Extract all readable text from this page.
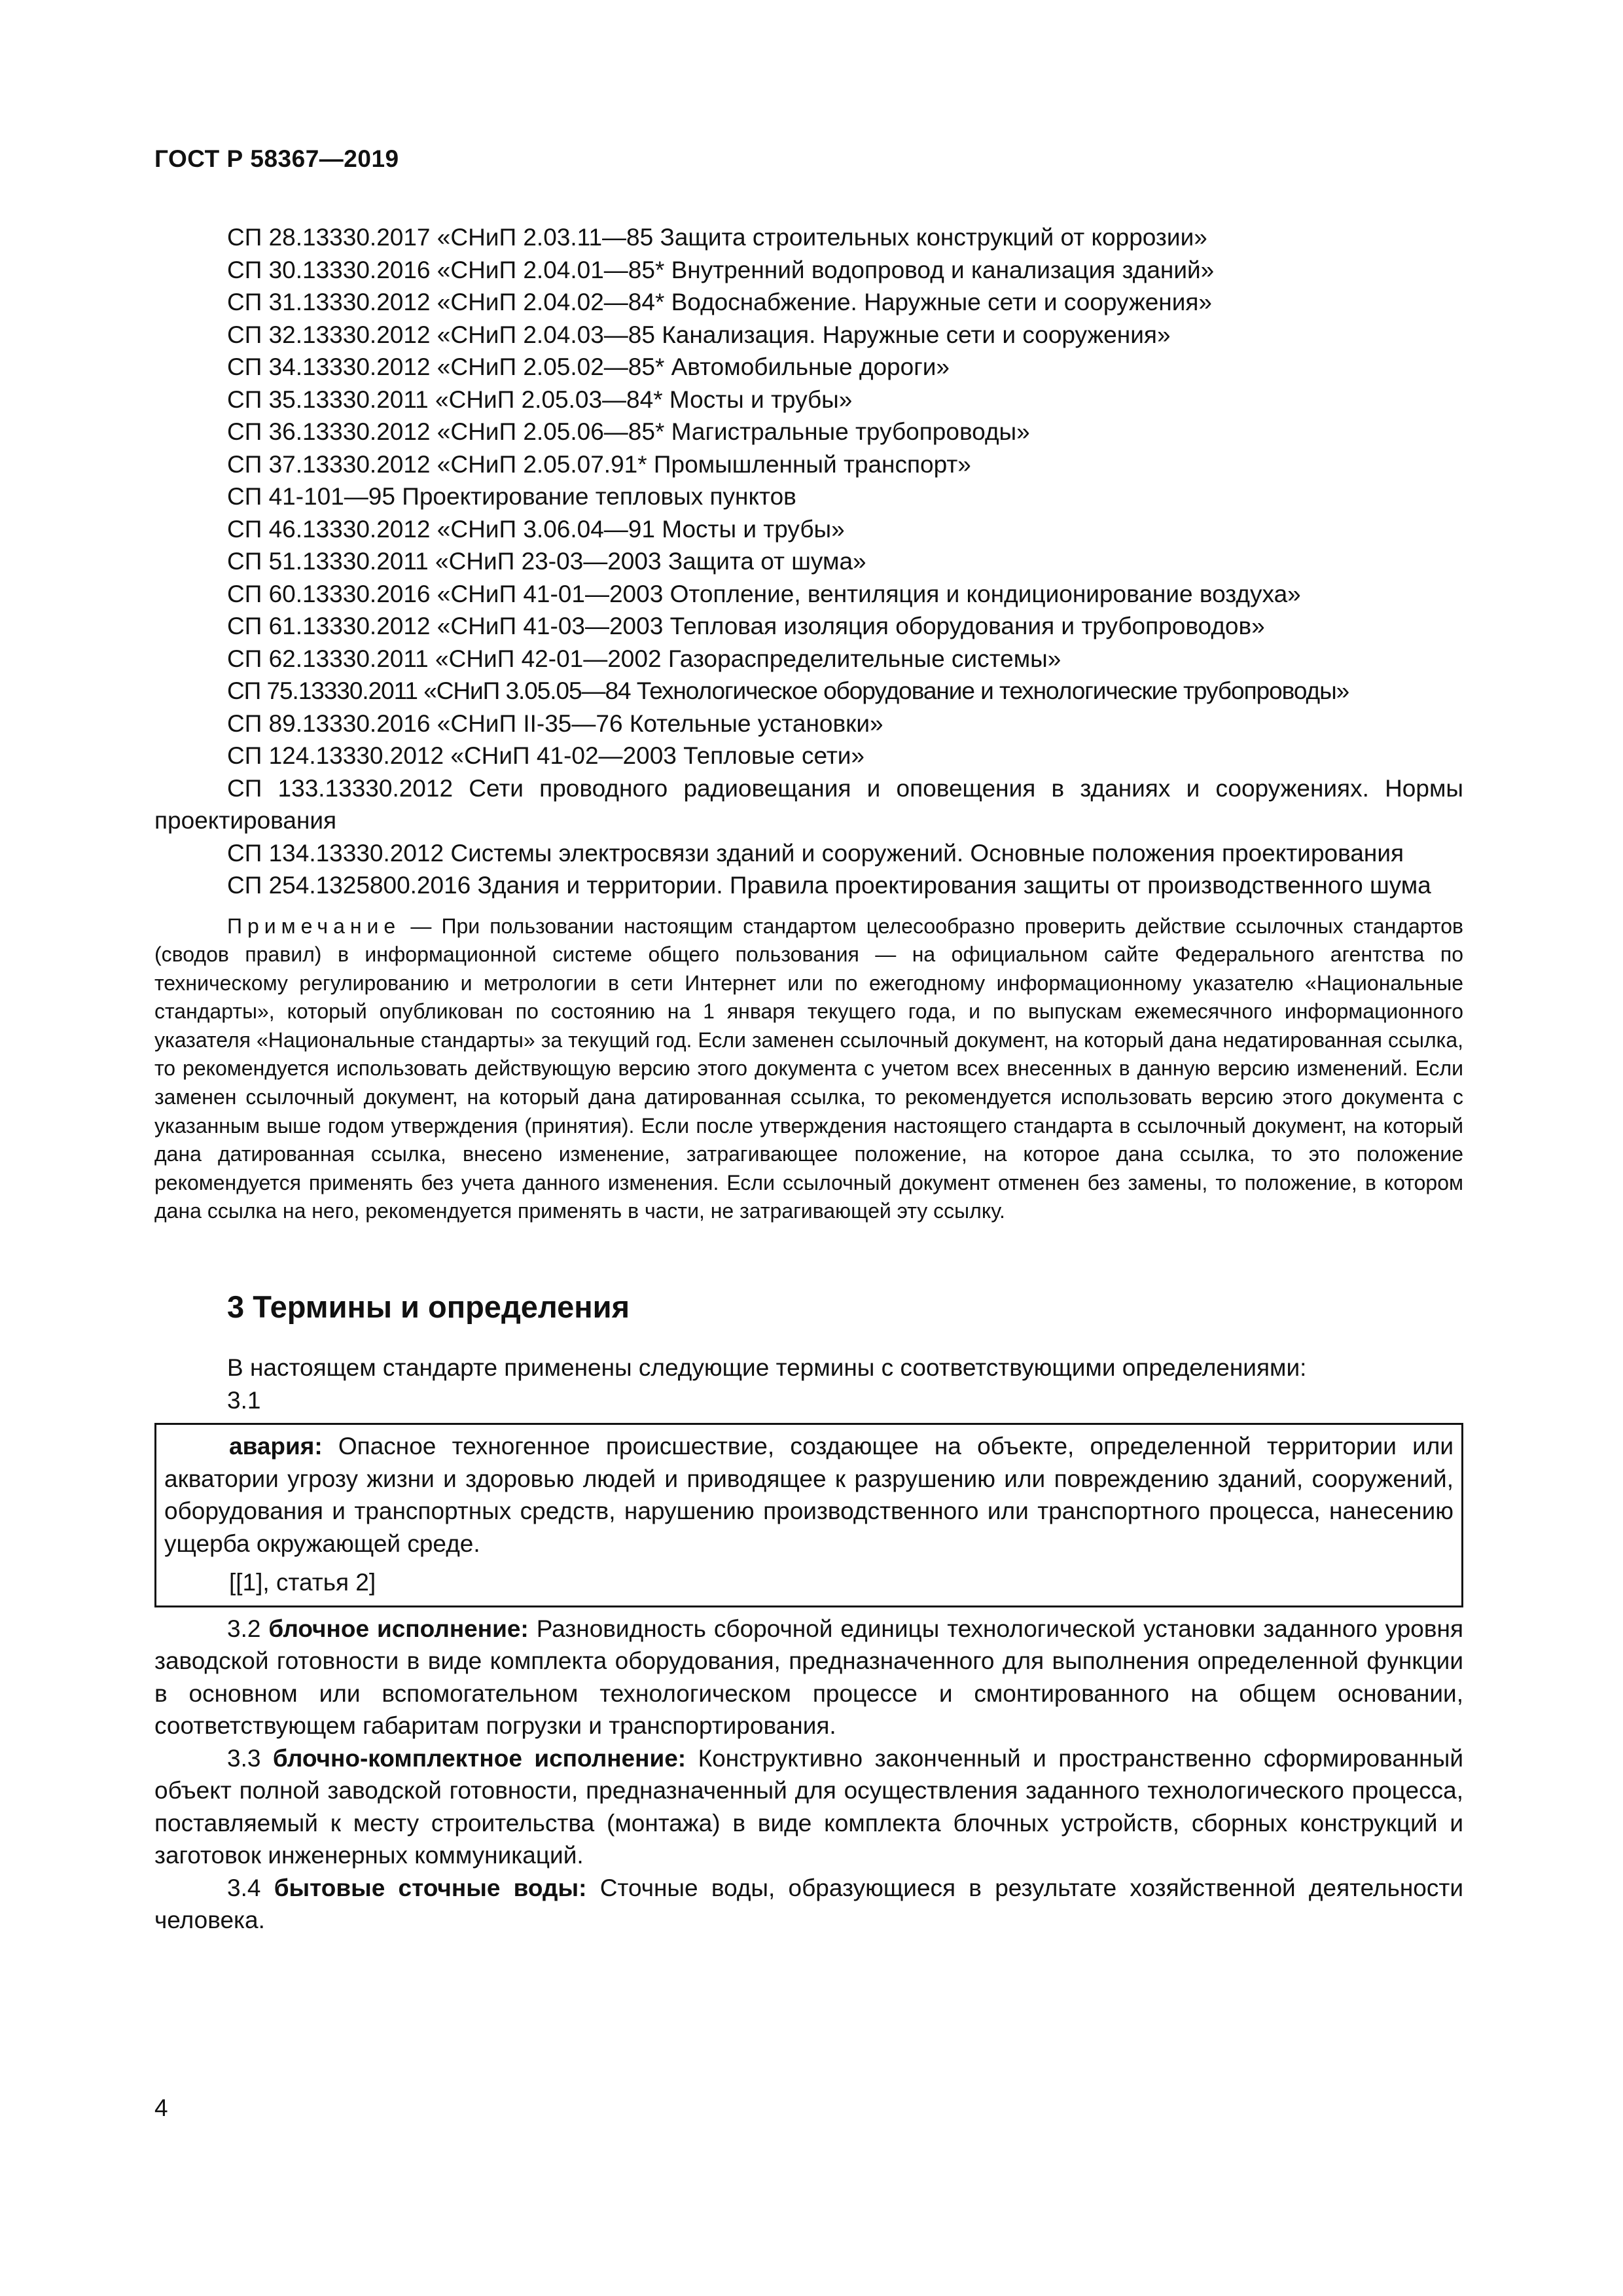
ГОСТ Р 58367—2019
СП 28.13330.2017 «СНиП 2.03.11—85 Защита строительных конструкций от коррозии»
СП 30.13330.2016 «СНиП 2.04.01—85* Внутренний водопровод и канализация зданий»
СП 31.13330.2012 «СНиП 2.04.02—84* Водоснабжение. Наружные сети и сооружения»
СП 32.13330.2012 «СНиП 2.04.03—85 Канализация. Наружные сети и сооружения»
СП 34.13330.2012 «СНиП 2.05.02—85* Автомобильные дороги»
СП 35.13330.2011 «СНиП 2.05.03—84* Мосты и трубы»
СП 36.13330.2012 «СНиП 2.05.06—85* Магистральные трубопроводы»
СП 37.13330.2012 «СНиП 2.05.07.91* Промышленный транспорт»
СП 41-101—95 Проектирование тепловых пунктов
СП 46.13330.2012 «СНиП 3.06.04—91 Мосты и трубы»
СП 51.13330.2011 «СНиП 23-03—2003 Защита от шума»
СП 60.13330.2016 «СНиП 41-01—2003 Отопление, вентиляция и кондиционирование воздуха»
СП 61.13330.2012 «СНиП 41-03—2003 Тепловая изоляция оборудования и трубопроводов»
СП 62.13330.2011 «СНиП 42-01—2002 Газораспределительные системы»
СП 75.13330.2011 «СНиП 3.05.05—84 Технологическое оборудование и технологические трубопроводы»
СП 89.13330.2016 «СНиП II-35—76 Котельные установки»
СП 124.13330.2012 «СНиП 41-02—2003 Тепловые сети»
СП 133.13330.2012 Сети проводного радиовещания и оповещения в зданиях и сооружениях. Нормы проектирования
СП 134.13330.2012 Системы электросвязи зданий и сооружений. Основные положения проектирования
СП 254.1325800.2016 Здания и территории. Правила проектирования защиты от производственного шума
Примечание — При пользовании настоящим стандартом целесообразно проверить действие ссылочных стандартов (сводов правил) в информационной системе общего пользования — на официальном сайте Федерального агентства по техническому регулированию и метрологии в сети Интернет или по ежегодному информационному указателю «Национальные стандарты», который опубликован по состоянию на 1 января текущего года, и по выпускам ежемесячного информационного указателя «Национальные стандарты» за текущий год. Если заменен ссылочный документ, на который дана недатированная ссылка, то рекомендуется использовать действующую версию этого документа с учетом всех внесенных в данную версию изменений. Если заменен ссылочный документ, на который дана датированная ссылка, то рекомендуется использовать версию этого документа с указанным выше годом утверждения (принятия). Если после утверждения настоящего стандарта в ссылочный документ, на который дана датированная ссылка, внесено изменение, затрагивающее положение, на которое дана ссылка, то это положение рекомендуется применять без учета данного изменения. Если ссылочный документ отменен без замены, то положение, в котором дана ссылка на него, рекомендуется применять в части, не затрагивающей эту ссылку.
3 Термины и определения
В настоящем стандарте применены следующие термины с соответствующими определениями:
3.1
авария: Опасное техногенное происшествие, создающее на объекте, определенной территории или акватории угрозу жизни и здоровью людей и приводящее к разрушению или повреждению зданий, сооружений, оборудования и транспортных средств, нарушению производственного или транспортного процесса, нанесению ущерба окружающей среде.
[[1], статья 2]
3.2 блочное исполнение: Разновидность сборочной единицы технологической установки заданного уровня заводской готовности в виде комплекта оборудования, предназначенного для выполнения определенной функции в основном или вспомогательном технологическом процессе и смонтированного на общем основании, соответствующем габаритам погрузки и транспортирования.
3.3 блочно-комплектное исполнение: Конструктивно законченный и пространственно сформированный объект полной заводской готовности, предназначенный для осуществления заданного технологического процесса, поставляемый к месту строительства (монтажа) в виде комплекта блочных устройств, сборных конструкций и заготовок инженерных коммуникаций.
3.4 бытовые сточные воды: Сточные воды, образующиеся в результате хозяйственной деятельности человека.
4
